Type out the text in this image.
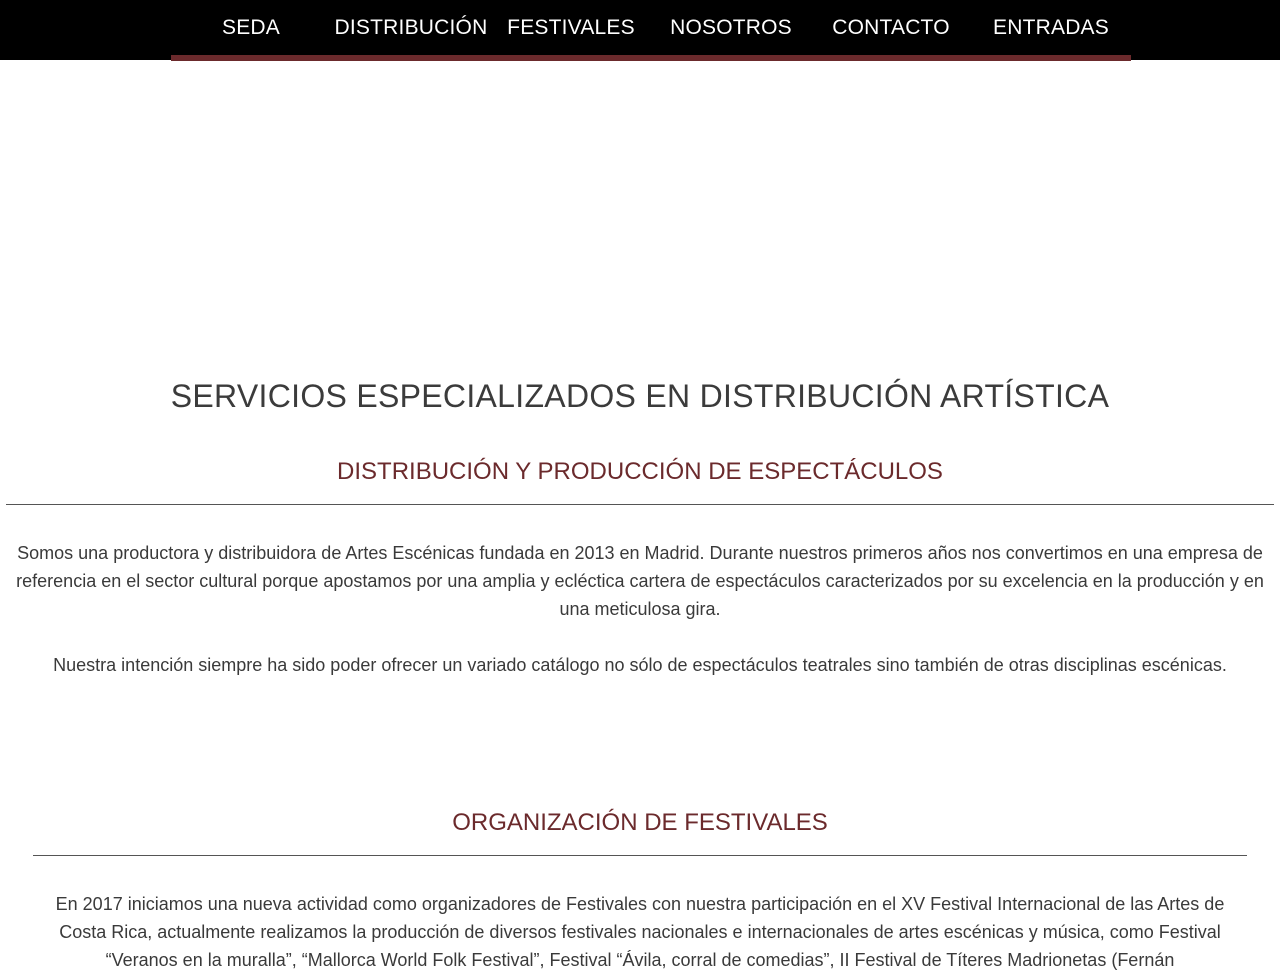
SEDA	DISTRIBUCIÓN FESTIVALES	NOSOTROS	CONTACTO	ENTRADAS
SERVICIOS ESPECIALIZADOS EN DISTRIBUCIÓN ARTÍSTICA
DISTRIBUCIÓN Y PRODUCCIÓN DE ESPECTÁCULOS

Somos una productora y distribuidora de Artes Escénicas fundada en 2013 en Madrid. Durante nuestros primeros años nos convertimos en una empresa de referencia en el sector cultural porque apostamos por una amplia y ecléctica cartera de espectáculos caracterizados por su excelencia en la producción y en una meticulosa gira.

Nuestra intención siempre ha sido poder ofrecer un variado catálogo no sólo de espectáculos teatrales sino también de otras disciplinas escénicas.

ORGANIZACIÓN DE FESTIVALES

En 2017 iniciamos una nueva actividad como organizadores de Festivales con nuestra participación en el XV Festival Internacional de las Artes de Costa Rica, actualmente realizamos la producción de diversos festivales nacionales e internacionales de artes escénicas y música, como Festival “Veranos en la muralla”, “Mallorca World Folk Festival”, Festival “Ávila, corral de comedias”, II Festival de Títeres Madrionetas (Fernán
